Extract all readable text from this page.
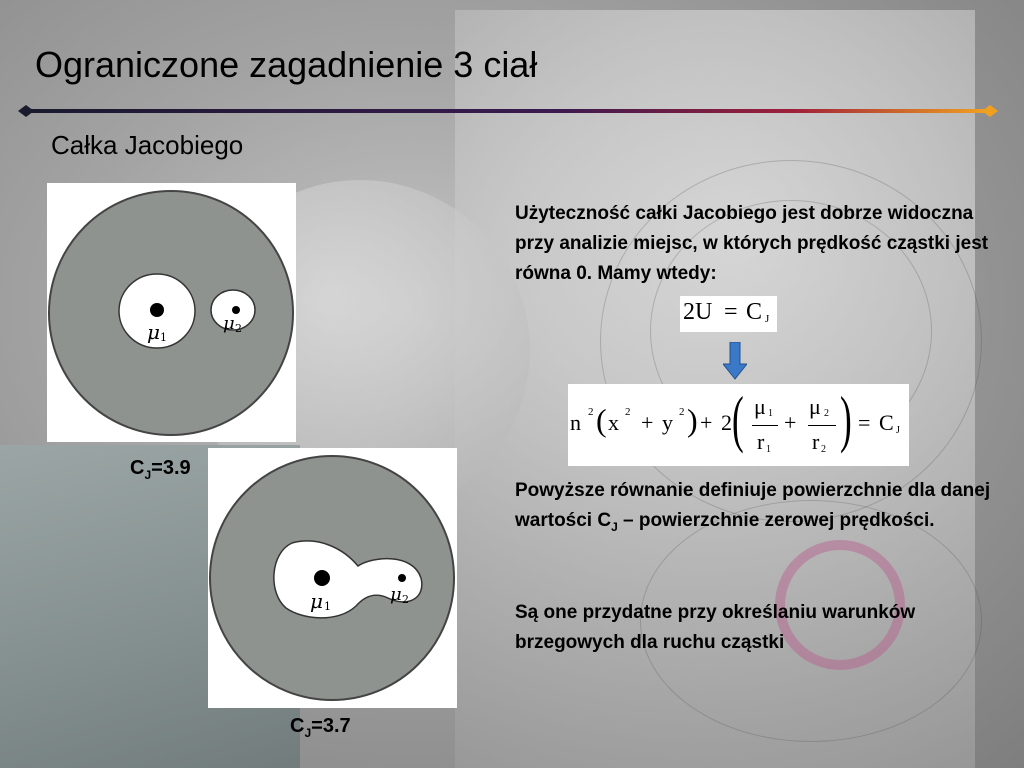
Ograniczone zagadnienie 3 ciał
Całka Jacobiego
μ 1
μ 2
$C_J=3.9$
μ 1
μ 2
$C_J=3.7$
Użyteczność całki Jacobiego jest dobrze widoczna przy analizie miejsc, w których prędkość cząstki jest równa 0. Mamy wtedy:
2U = C J
n 2 ( x 2 + y 2 ) + 2 ( μ 1
r 1
+
μ 2
r 2 ) = C J
Powyższe równanie definiuje powierzchnie dla danej wartości $C_J$ – powierzchnie zerowej prędkości.
Są one przydatne przy określaniu warunków brzegowych dla ruchu cząstki
